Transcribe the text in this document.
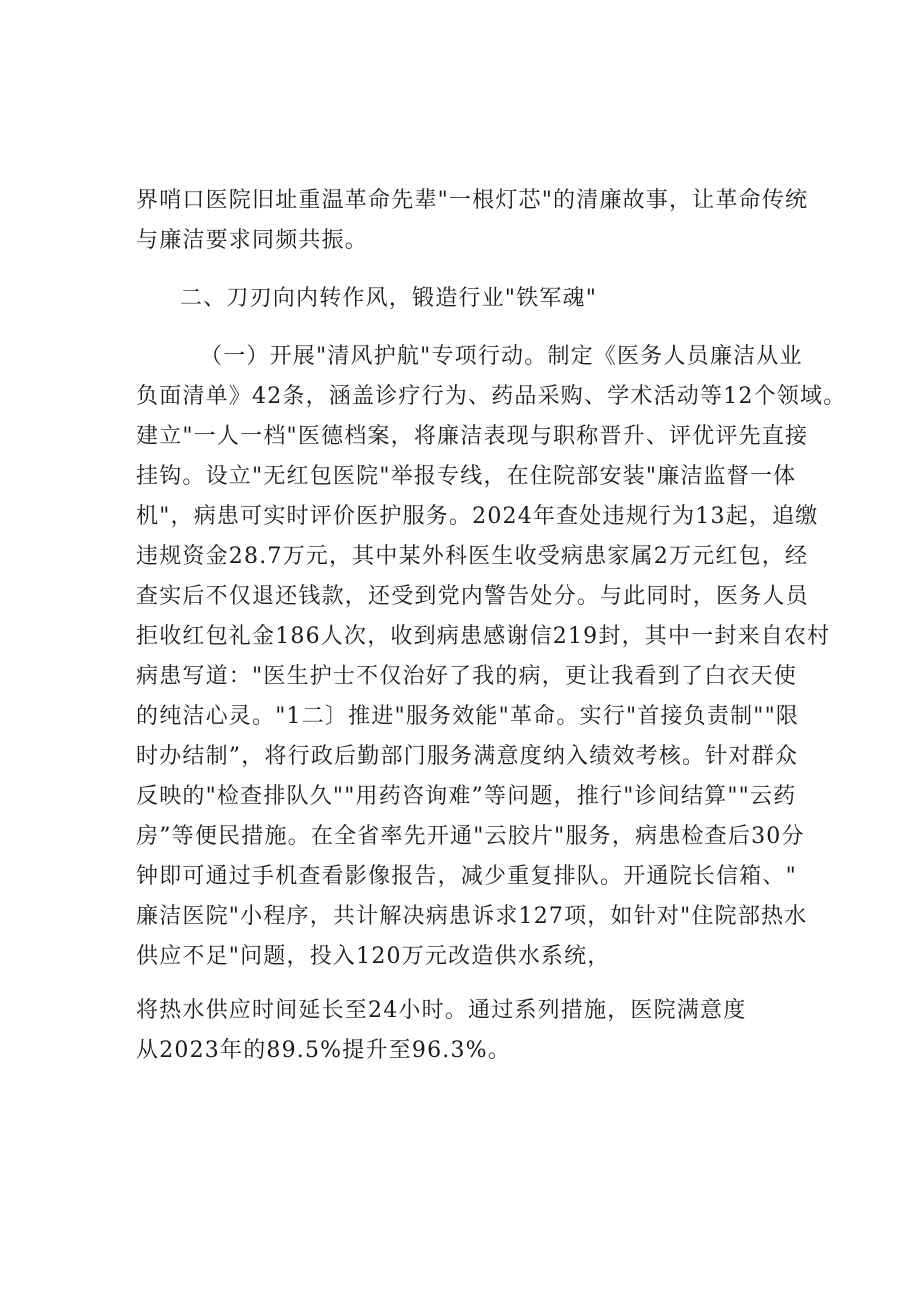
界哨口医院旧址重温革命先辈"一根灯芯"的清廉故事，让革命传统
与廉洁要求同频共振。
二、刀刃向内转作风，锻造行业"铁军魂"
（一）开展"清风护航"专项行动。制定《医务人员廉洁从业
负面清单》42条，涵盖诊疗行为、药品采购、学术活动等12个领域。
建立"一人一档"医德档案，将廉洁表现与职称晋升、评优评先直接
挂钩。设立"无红包医院"举报专线，在住院部安装"廉洁监督一体
机"，病患可实时评价医护服务。2024年查处违规行为13起，追缴
违规资金28.7万元，其中某外科医生收受病患家属2万元红包，经
查实后不仅退还钱款，还受到党内警告处分。与此同时，医务人员
拒收红包礼金186人次，收到病患感谢信219封，其中一封来自农村
病患写道："医生护士不仅治好了我的病，更让我看到了白衣天使
的纯洁心灵。"1二〕推进"服务效能"革命。实行"首接负责制""限
时办结制”，将行政后勤部门服务满意度纳入绩效考核。针对群众
反映的"检查排队久""用药咨询难”等问题，推行"诊间结算""云药
房”等便民措施。在全省率先开通"云胶片"服务，病患检查后30分
钟即可通过手机查看影像报告，减少重复排队。开通院长信箱、"
廉洁医院"小程序，共计解决病患诉求127项，如针对"住院部热水
供应不足"问题，投入120万元改造供水系统，
将热水供应时间延长至24小时。通过系列措施，医院满意度
从2023年的89.5%提升至96.3%。
